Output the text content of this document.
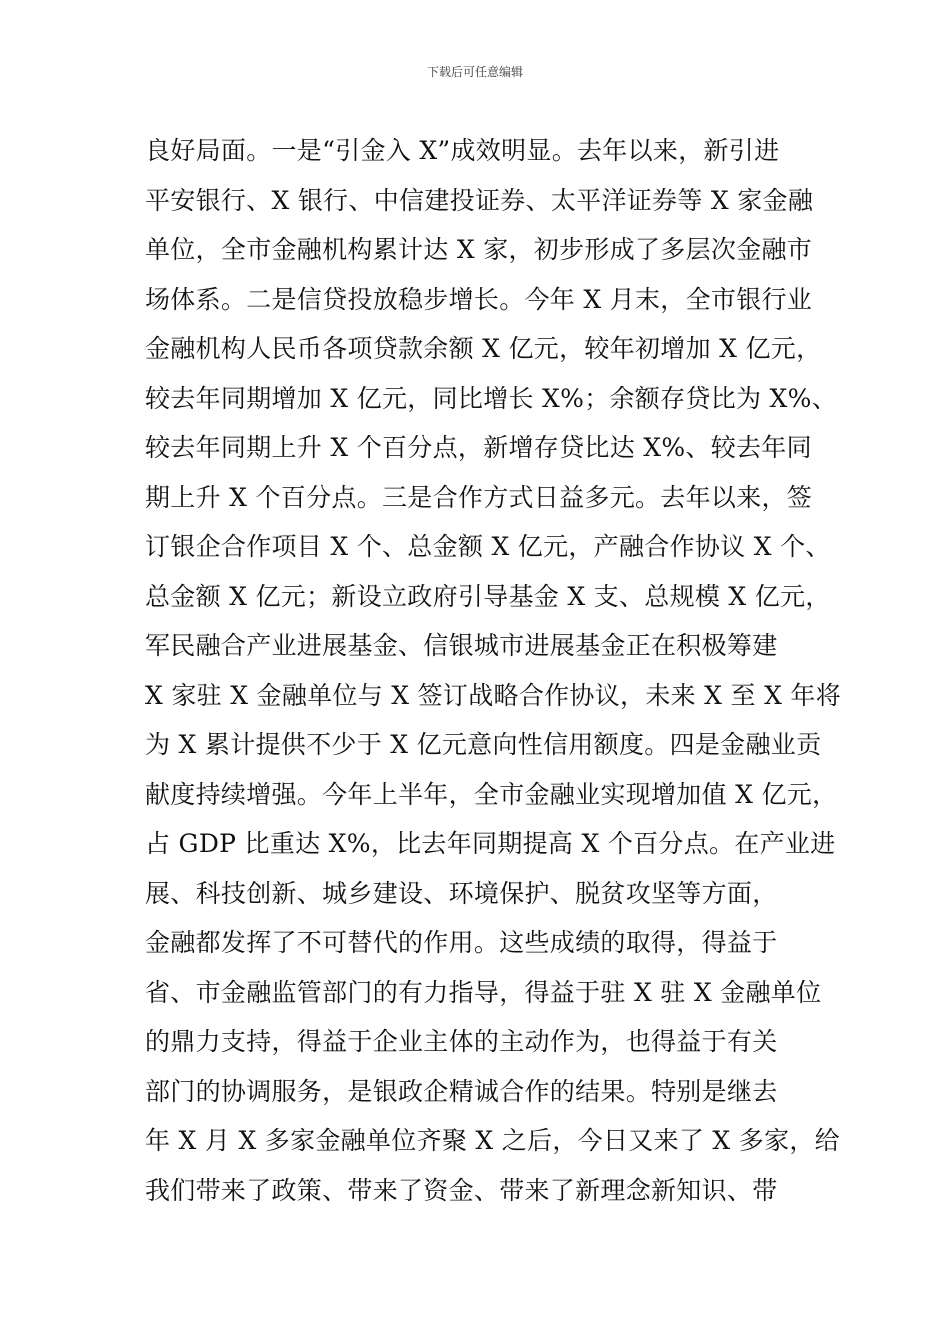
下载后可任意编辑
良好局面。一是“引金入 X”成效明显。去年以来，新引进
平安银行、X 银行、中信建投证券、太平洋证券等 X 家金融
单位，全市金融机构累计达 X 家，初步形成了多层次金融市
场体系。二是信贷投放稳步增长。今年 X 月末，全市银行业
金融机构人民币各项贷款余额 X 亿元，较年初增加 X 亿元，
较去年同期增加 X 亿元，同比增长 X%；余额存贷比为 X%、
较去年同期上升 X 个百分点，新增存贷比达 X%、较去年同
期上升 X 个百分点。三是合作方式日益多元。去年以来，签
订银企合作项目 X 个、总金额 X 亿元，产融合作协议 X 个、
总金额 X 亿元；新设立政府引导基金 X 支、总规模 X 亿元，
军民融合产业进展基金、信银城市进展基金正在积极筹建
X 家驻 X 金融单位与 X 签订战略合作协议，未来 X 至 X 年将
为 X 累计提供不少于 X 亿元意向性信用额度。四是金融业贡
献度持续增强。今年上半年，全市金融业实现增加值 X 亿元，
占 GDP 比重达 X%，比去年同期提高 X 个百分点。在产业进
展、科技创新、城乡建设、环境保护、脱贫攻坚等方面，
金融都发挥了不可替代的作用。这些成绩的取得，得益于
省、市金融监管部门的有力指导，得益于驻 X 驻 X 金融单位
的鼎力支持，得益于企业主体的主动作为，也得益于有关
部门的协调服务，是银政企精诚合作的结果。特别是继去
年 X 月 X 多家金融单位齐聚 X 之后，今日又来了 X 多家，给
我们带来了政策、带来了资金、带来了新理念新知识、带
